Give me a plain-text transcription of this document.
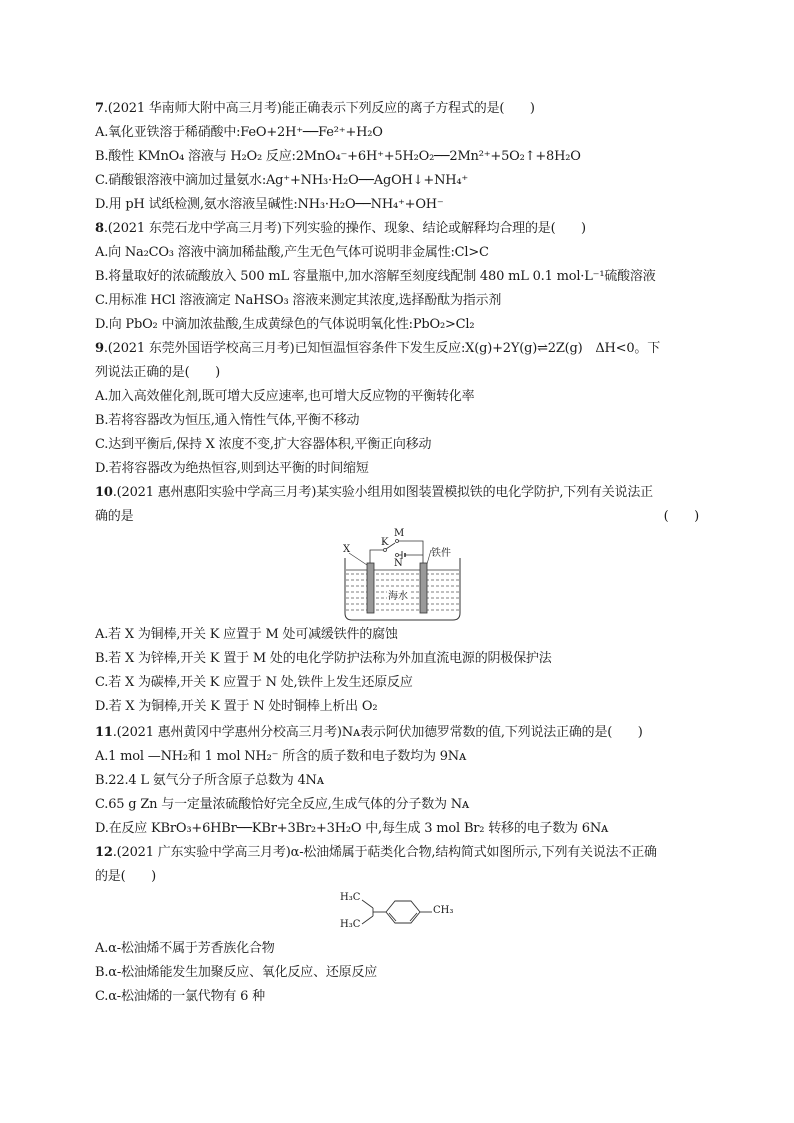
7.(2021 华南师大附中高三月考)能正确表示下列反应的离子方程式的是(　　)
A.氧化亚铁溶于稀硝酸中:FeO+2H⁺──Fe²⁺+H₂O
B.酸性 KMnO₄ 溶液与 H₂O₂ 反应:2MnO₄⁻+6H⁺+5H₂O₂──2Mn²⁺+5O₂↑+8H₂O
C.硝酸银溶液中滴加过量氨水:Ag⁺+NH₃·H₂O──AgOH↓+NH₄⁺
D.用 pH 试纸检测,氨水溶液呈碱性:NH₃·H₂O──NH₄⁺+OH⁻
8.(2021 东莞石龙中学高三月考)下列实验的操作、现象、结论或解释均合理的是(　　)
A.向 Na₂CO₃ 溶液中滴加稀盐酸,产生无色气体可说明非金属性:Cl>C
B.将量取好的浓硫酸放入 500 mL 容量瓶中,加水溶解至刻度线配制 480 mL 0.1 mol·L⁻¹硫酸溶液
C.用标准 HCl 溶液滴定 NaHSO₃ 溶液来测定其浓度,选择酚酞为指示剂
D.向 PbO₂ 中滴加浓盐酸,生成黄绿色的气体说明氧化性:PbO₂>Cl₂
9.(2021 东莞外国语学校高三月考)已知恒温恒容条件下发生反应:X(g)+2Y(g)⇌2Z(g)　ΔH<0。下
列说法正确的是(　　)
A.加入高效催化剂,既可增大反应速率,也可增大反应物的平衡转化率
B.若将容器改为恒压,通入惰性气体,平衡不移动
C.达到平衡后,保持 X 浓度不变,扩大容器体积,平衡正向移动
D.若将容器改为绝热恒容,则到达平衡的时间缩短
10.(2021 惠州惠阳实验中学高三月考)某实验小组用如图装置模拟铁的电化学防护,下列有关说法正
确的是	(　　)
X
K
M
N
铁件
海水
A.若 X 为铜棒,开关 K 应置于 M 处可减缓铁件的腐蚀
B.若 X 为锌棒,开关 K 置于 M 处的电化学防护法称为外加直流电源的阴极保护法
C.若 X 为碳棒,开关 K 应置于 N 处,铁件上发生还原反应
D.若 X 为铜棒,开关 K 置于 N 处时铜棒上析出 O₂
11.(2021 惠州黄冈中学惠州分校高三月考)Nᴀ表示阿伏加德罗常数的值,下列说法正确的是(　　)
A.1 mol —NH₂和 1 mol NH₂⁻ 所含的质子数和电子数均为 9Nᴀ
B.22.4 L 氨气分子所含原子总数为 4Nᴀ
C.65 g Zn 与一定量浓硫酸恰好完全反应,生成气体的分子数为 Nᴀ
D.在反应 KBrO₃+6HBr──KBr+3Br₂+3H₂O 中,每生成 3 mol Br₂ 转移的电子数为 6Nᴀ
12.(2021 广东实验中学高三月考)α-松油烯属于萜类化合物,结构简式如图所示,下列有关说法不正确
的是(　　)
H₃C
H₃C
CH₃
A.α-松油烯不属于芳香族化合物
B.α-松油烯能发生加聚反应、氧化反应、还原反应
C.α-松油烯的一氯代物有 6 种
